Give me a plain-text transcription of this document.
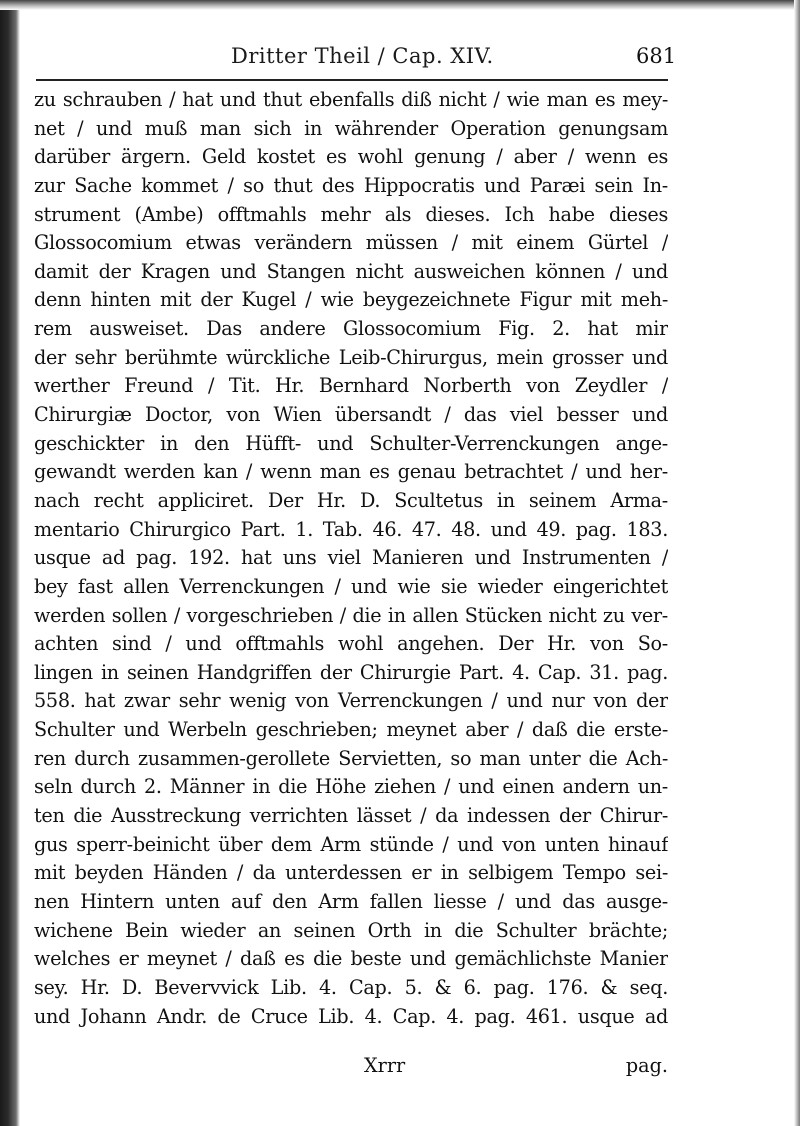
Dritter Theil / Cap. XIV.	681
zu schrauben / hat und thut ebenfalls diß nicht / wie man es mey-
net / und muß man sich in währender Operation genungsam
darüber ärgern. Geld kostet es wohl genung / aber / wenn es
zur Sache kommet / so thut des Hippocratis und Paræi sein In-
strument (Ambe) offtmahls mehr als dieses. Ich habe dieses
Glossocomium etwas verändern müssen / mit einem Gürtel /
damit der Kragen und Stangen nicht ausweichen können / und
denn hinten mit der Kugel / wie beygezeichnete Figur mit meh-
rem ausweiset. Das andere Glossocomium Fig. 2. hat mir
der sehr berühmte würckliche Leib-Chirurgus, mein grosser und
werther Freund / Tit. Hr. Bernhard Norberth von Zeydler /
Chirurgiæ Doctor, von Wien übersandt / das viel besser und
geschickter in den Hüfft- und Schulter-Verrenckungen ange-
gewandt werden kan / wenn man es genau betrachtet / und her-
nach recht appliciret. Der Hr. D. Scultetus in seinem Arma-
mentario Chirurgico Part. 1. Tab. 46. 47. 48. und 49. pag. 183.
usque ad pag. 192. hat uns viel Manieren und Instrumenten /
bey fast allen Verrenckungen / und wie sie wieder eingerichtet
werden sollen / vorgeschrieben / die in allen Stücken nicht zu ver-
achten sind / und offtmahls wohl angehen. Der Hr. von So-
lingen in seinen Handgriffen der Chirurgie Part. 4. Cap. 31. pag.
558. hat zwar sehr wenig von Verrenckungen / und nur von der
Schulter und Werbeln geschrieben; meynet aber / daß die erste-
ren durch zusammen-gerollete Servietten, so man unter die Ach-
seln durch 2. Männer in die Höhe ziehen / und einen andern un-
ten die Ausstreckung verrichten lässet / da indessen der Chirur-
gus sperr-beinicht über dem Arm stünde / und von unten hinauf
mit beyden Händen / da unterdessen er in selbigem Tempo sei-
nen Hintern unten auf den Arm fallen liesse / und das ausge-
wichene Bein wieder an seinen Orth in die Schulter brächte;
welches er meynet / daß es die beste und gemächlichste Manier
sey. Hr. D. Bevervvick Lib. 4. Cap. 5. & 6. pag. 176. & seq.
und Johann Andr. de Cruce Lib. 4. Cap. 4. pag. 461. usque ad
Xrrr	pag.
